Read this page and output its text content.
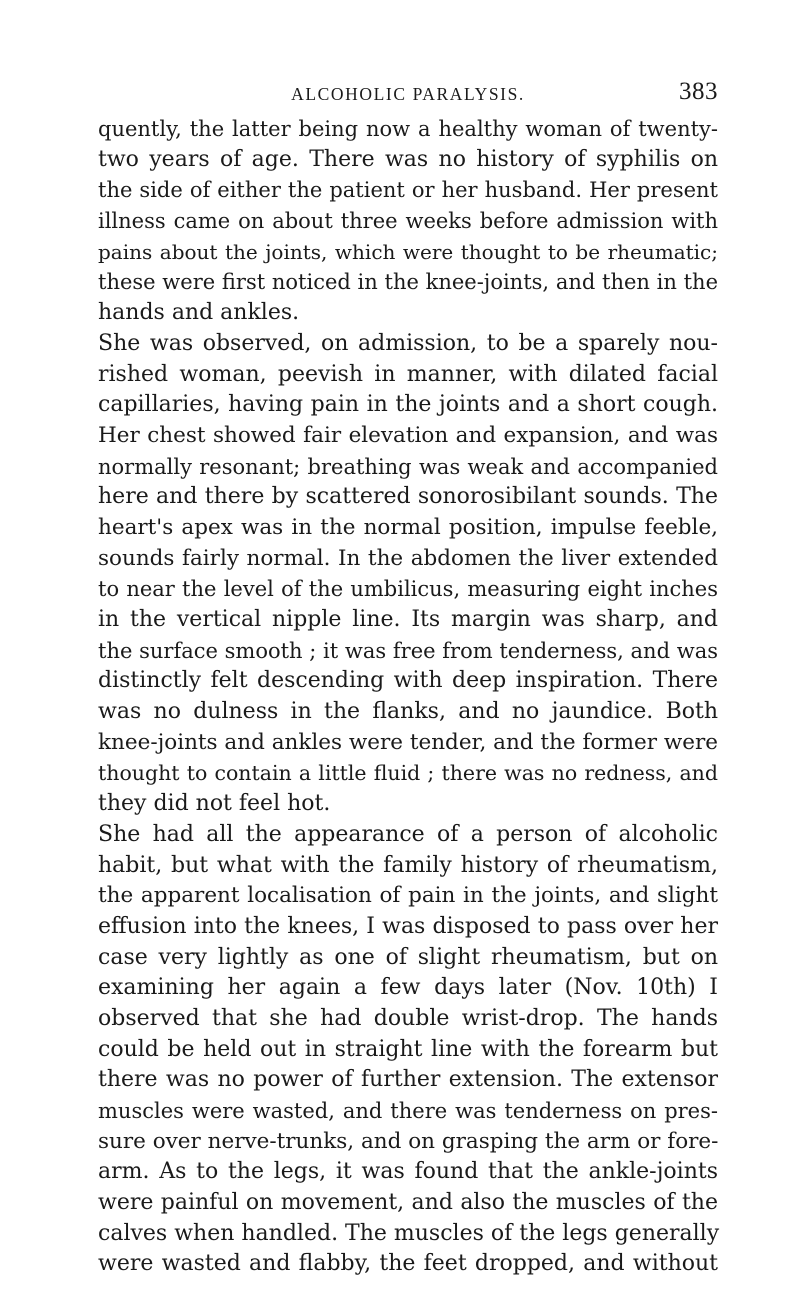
ALCOHOLIC PARALYSIS.	383
quently, the latter being now a healthy woman of twenty-
two years of age. There was no history of syphilis on
the side of either the patient or her husband. Her present
illness came on about three weeks before admission with
pains about the joints, which were thought to be rheumatic;
these were first noticed in the knee-joints, and then in the
hands and ankles.
She was observed, on admission, to be a sparely nou-
rished woman, peevish in manner, with dilated facial
capillaries, having pain in the joints and a short cough.
Her chest showed fair elevation and expansion, and was
normally resonant; breathing was weak and accompanied
here and there by scattered sonorosibilant sounds. The
heart's apex was in the normal position, impulse feeble,
sounds fairly normal. In the abdomen the liver extended
to near the level of the umbilicus, measuring eight inches
in the vertical nipple line. Its margin was sharp, and
the surface smooth ; it was free from tenderness, and was
distinctly felt descending with deep inspiration. There
was no dulness in the flanks, and no jaundice. Both
knee-joints and ankles were tender, and the former were
thought to contain a little fluid ; there was no redness, and
they did not feel hot.
She had all the appearance of a person of alcoholic
habit, but what with the family history of rheumatism,
the apparent localisation of pain in the joints, and slight
effusion into the knees, I was disposed to pass over her
case very lightly as one of slight rheumatism, but on
examining her again a few days later (Nov. 10th) I
observed that she had double wrist-drop. The hands
could be held out in straight line with the forearm but
there was no power of further extension. The extensor
muscles were wasted, and there was tenderness on pres-
sure over nerve-trunks, and on grasping the arm or fore-
arm. As to the legs, it was found that the ankle-joints
were painful on movement, and also the muscles of the
calves when handled. The muscles of the legs generally
were wasted and flabby, the feet dropped, and without
